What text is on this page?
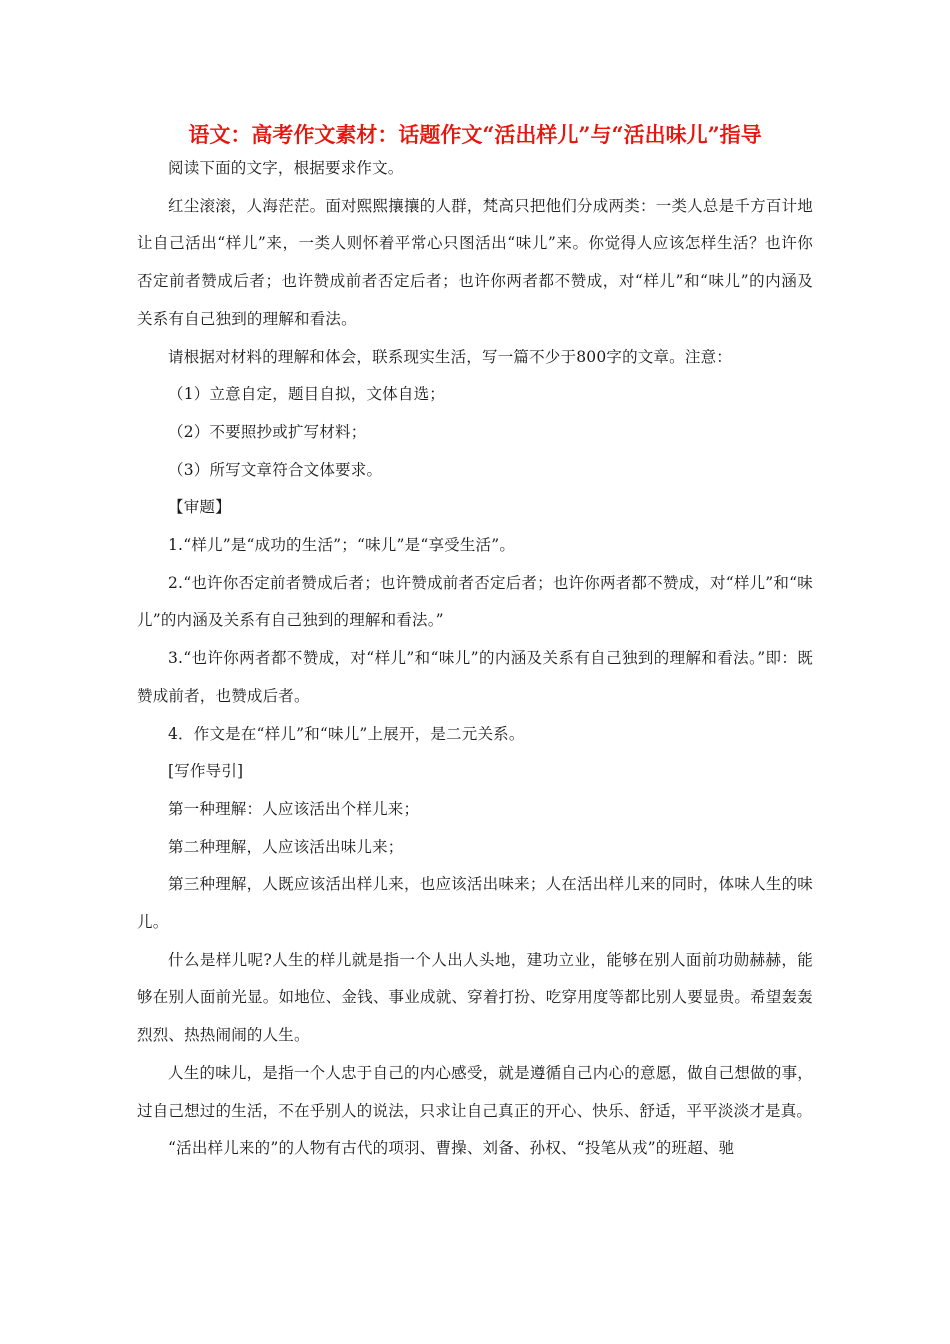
语文：高考作文素材：话题作文“活出样儿”与“活出味儿”指导

阅读下面的文字，根据要求作文。

红尘滚滚，人海茫茫。面对熙熙攘攘的人群，梵高只把他们分成两类：一类人总是千方百计地让自己活出“样儿”来，一类人则怀着平常心只图活出“味儿”来。你觉得人应该怎样生活？也许你否定前者赞成后者；也许赞成前者否定后者；也许你两者都不赞成，对“样儿”和“味儿”的内涵及关系有自己独到的理解和看法。

请根据对材料的理解和体会，联系现实生活，写一篇不少于800字的文章。注意：

（1）立意自定，题目自拟，文体自选；

（2）不要照抄或扩写材料；

（3）所写文章符合文体要求。

【审题】

1.“样儿”是“成功的生活”；“味儿”是“享受生活”。

2.“也许你否定前者赞成后者；也许赞成前者否定后者；也许你两者都不赞成，对“样儿”和“味儿”的内涵及关系有自己独到的理解和看法。”

3.“也许你两者都不赞成，对“样儿”和“味儿”的内涵及关系有自己独到的理解和看法。”即：既赞成前者，也赞成后者。

4．作文是在“样儿”和“味儿”上展开，是二元关系。

[写作导引]

第一种理解：人应该活出个样儿来；

第二种理解，人应该活出味儿来；

第三种理解，人既应该活出样儿来，也应该活出味来；人在活出样儿来的同时，体味人生的味儿。

什么是样儿呢?人生的样儿就是指一个人出人头地，建功立业，能够在别人面前功勋赫赫，能够在别人面前光显。如地位、金钱、事业成就、穿着打扮、吃穿用度等都比别人要显贵。希望轰轰烈烈、热热闹闹的人生。

人生的味儿，是指一个人忠于自己的内心感受，就是遵循自己内心的意愿，做自己想做的事，过自己想过的生活，不在乎别人的说法，只求让自己真正的开心、快乐、舒适，平平淡淡才是真。

“活出样儿来的”的人物有古代的项羽、曹操、刘备、孙权、“投笔从戎”的班超、驰
